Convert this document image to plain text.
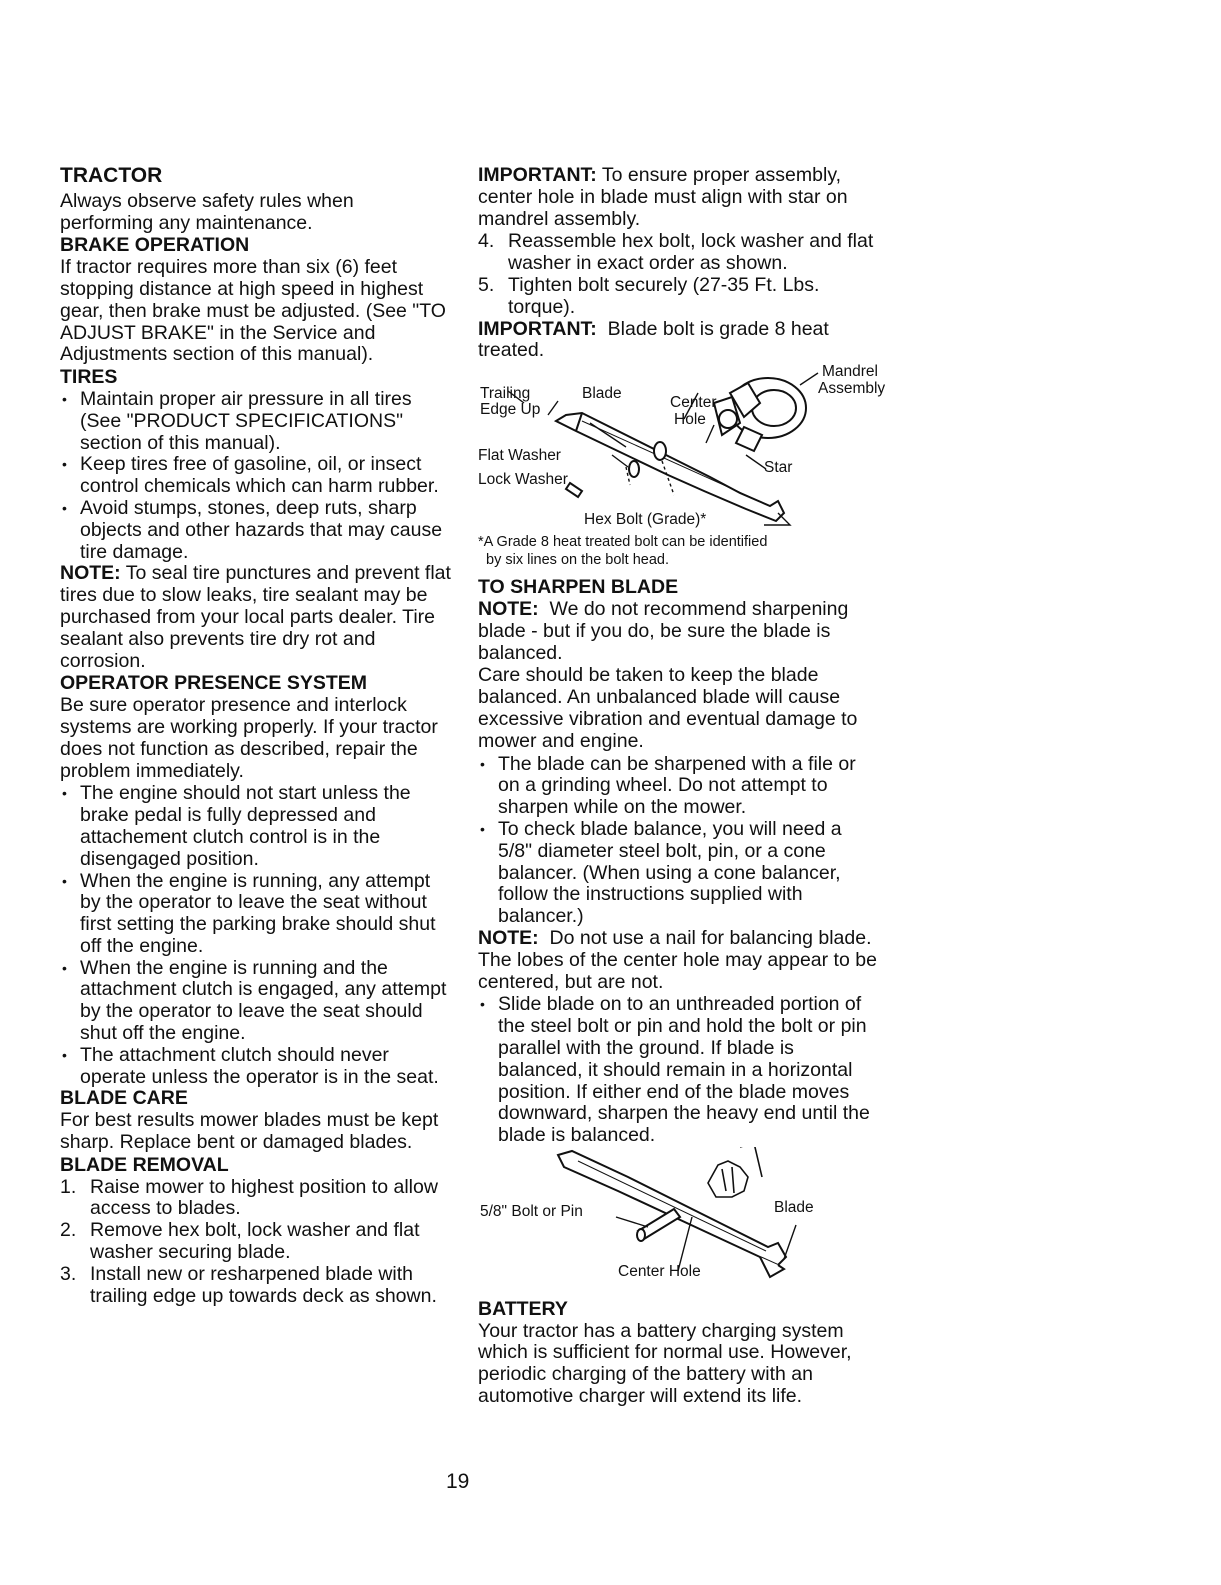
TRACTOR
Always observe safety rules when performing any maintenance.
BRAKE OPERATION
If tractor requires more than six (6) feet stopping distance at high speed in highest gear, then brake must be adjusted. (See "TO ADJUST BRAKE" in the Service and Adjustments section of this manual).
TIRES
• Maintain proper air pressure in all tires (See "PRODUCT SPECIFICATIONS" section of this manual).
• Keep tires free of gasoline, oil, or insect control chemicals which can harm rubber.
• Avoid stumps, stones, deep ruts, sharp objects and other hazards that may cause tire damage.
NOTE: To seal tire punctures and prevent flat tires due to slow leaks, tire sealant may be purchased from your local parts dealer. Tire sealant also prevents tire dry rot and corrosion.
OPERATOR PRESENCE SYSTEM
Be sure operator presence and interlock systems are working properly. If your tractor does not function as described, repair the problem immediately.
• The engine should not start unless the brake pedal is fully depressed and attachement clutch control is in the disengaged position.
• When the engine is running, any attempt by the operator to leave the seat without first setting the parking brake should shut off the engine.
• When the engine is running and the attachment clutch is engaged, any attempt by the operator to leave the seat should shut off the engine.
• The attachment clutch should never operate unless the operator is in the seat.
BLADE CARE
For best results mower blades must be kept sharp. Replace bent or damaged blades.
BLADE REMOVAL
1. Raise mower to highest position to allow access to blades.
2. Remove hex bolt, lock washer and flat washer securing blade.
3. Install new or resharpened blade with trailing edge up towards deck as shown.
IMPORTANT: To ensure proper assembly, center hole in blade must align with star on mandrel assembly.
4. Reassemble hex bolt, lock washer and flat washer in exact order as shown.
5. Tighten bolt securely (27-35 Ft. Lbs. torque).
IMPORTANT: Blade bolt is grade 8 heat treated.
Mandrel
Assembly
Trailing
Edge Up
Blade
Center
Hole
Flat Washer
Lock Washer
Star
Hex Bolt (Grade)*
*A Grade 8 heat treated bolt can be identified
by six lines on the bolt head.
TO SHARPEN BLADE
NOTE: We do not recommend sharpening blade - but if you do, be sure the blade is balanced.
Care should be taken to keep the blade balanced. An unbalanced blade will cause excessive vibration and eventual damage to mower and engine.
• The blade can be sharpened with a file or on a grinding wheel. Do not attempt to sharpen while on the mower.
• To check blade balance, you will need a 5/8" diameter steel bolt, pin, or a cone balancer. (When using a cone balancer, follow the instructions supplied with balancer.)
NOTE: Do not use a nail for balancing blade. The lobes of the center hole may appear to be centered, but are not.
• Slide blade on to an unthreaded portion of the steel bolt or pin and hold the bolt or pin parallel with the ground. If blade is balanced, it should remain in a horizontal position. If either end of the blade moves downward, sharpen the heavy end until the blade is balanced.
5/8" Bolt or Pin	Blade
Center Hole
BATTERY
Your tractor has a battery charging system which is sufficient for normal use. However, periodic charging of the battery with an automotive charger will extend its life.
19
